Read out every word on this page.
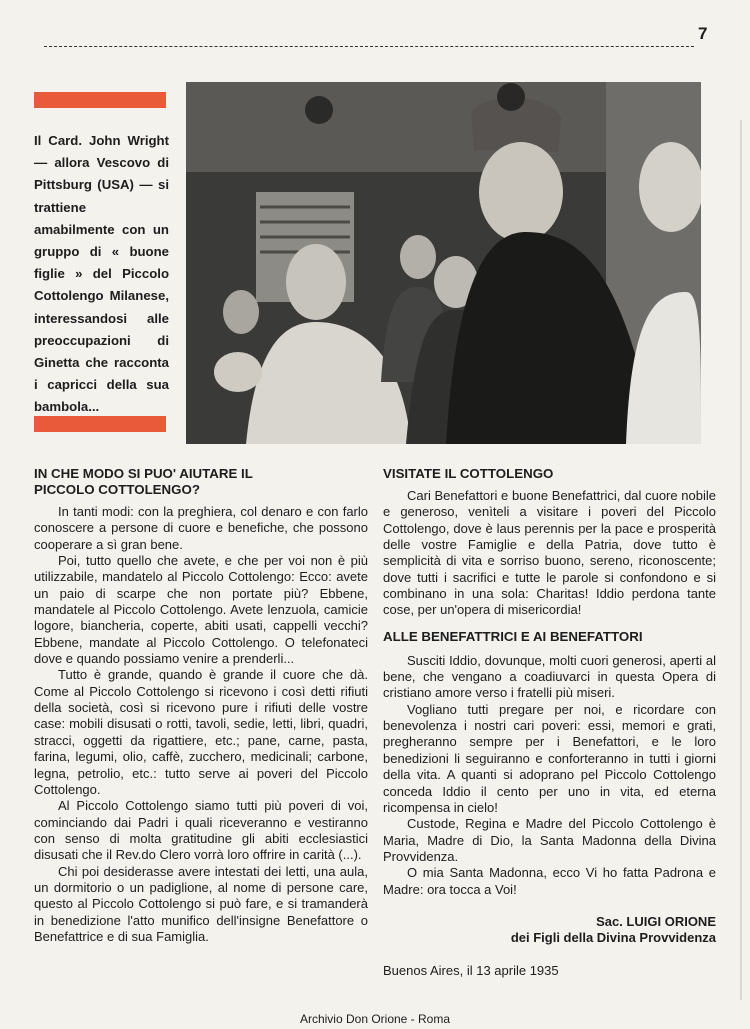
7
Il Card. John Wright — allora Vescovo di Pittsburg (USA) — si trattiene amabilmente con un gruppo di « buone figlie » del Piccolo Cottolengo Milanese, interessandosi alle preoccupazioni di Ginetta che racconta i capricci della sua bambola...
IN CHE MODO SI PUO' AIUTARE IL PICCOLO COTTOLENGO?

In tanti modi: con la preghiera, col denaro e con farlo conoscere a persone di cuore e benefiche, che possono cooperare a sì gran bene.

Poi, tutto quello che avete, e che per voi non è più utilizzabile, mandatelo al Piccolo Cottolengo: Ecco: avete un paio di scarpe che non portate più? Ebbene, mandatele al Piccolo Cottolengo. Avete lenzuola, camicie logore, biancheria, coperte, abiti usati, cappelli vecchi? Ebbene, mandate al Piccolo Cottolengo. O telefonateci dove e quando possiamo venire a prenderli...

Tutto è grande, quando è grande il cuore che dà. Come al Piccolo Cottolengo si ricevono i così detti rifiuti della società, così si ricevono pure i rifiuti delle vostre case: mobili disusati o rotti, tavoli, sedie, letti, libri, quadri, stracci, oggetti da rigattiere, etc.; pane, carne, pasta, farina, legumi, olio, caffè, zucchero, medicinali; carbone, legna, petrolio, etc.: tutto serve ai poveri del Piccolo Cottolengo.

Al Piccolo Cottolengo siamo tutti più poveri di voi, cominciando dai Padri i quali riceveranno e vestiranno con senso di molta gratitudine gli abiti ecclesiastici disusati che il Rev.do Clero vorrà loro offrire in carità (...).

Chi poi desiderasse avere intestati dei letti, una aula, un dormitorio o un padiglione, al nome di persone care, questo al Piccolo Cottolengo si può fare, e si tramanderà in benedizione l'atto munifico dell'insigne Benefattore o Benefattrice e di sua Famiglia.

VISITATE IL COTTOLENGO

Cari Benefattori e buone Benefattrici, dal cuore nobile e generoso, venìteli a visitare i poveri del Piccolo Cottolengo, dove è laus perennis per la pace e prosperità delle vostre Famiglie e della Patria, dove tutto è semplicità di vita e sorriso buono, sereno, riconoscente; dove tutti i sacrifici e tutte le parole si confondono e si combinano in una sola: Charitas! Iddio perdona tante cose, per un'opera di misericordia!

ALLE BENEFATTRICI E AI BENEFATTORI

Susciti Iddio, dovunque, molti cuori generosi, aperti al bene, che vengano a coadiuvarci in questa Opera di cristiano amore verso i fratelli più miseri.

Vogliano tutti pregare per noi, e ricordare con benevolenza i nostri cari poveri: essi, memori e grati, pregheranno sempre per i Benefattori, e le loro benedizioni li seguiranno e conforteranno in tutti i giorni della vita. A quanti si adoprano pel Piccolo Cottolengo conceda Iddio il cento per uno in vita, ed eterna ricompensa in cielo!

Custode, Regina e Madre del Piccolo Cottolengo è Maria, Madre di Dio, la Santa Madonna della Divina Provvidenza.

O mia Santa Madonna, ecco Vi ho fatta Padrona e Madre: ora tocca a Voi!

Sac. LUIGI ORIONE
dei Figli della Divina Provvidenza
Buenos Aires, il 13 aprile 1935
Archivio Don Orione - Roma
